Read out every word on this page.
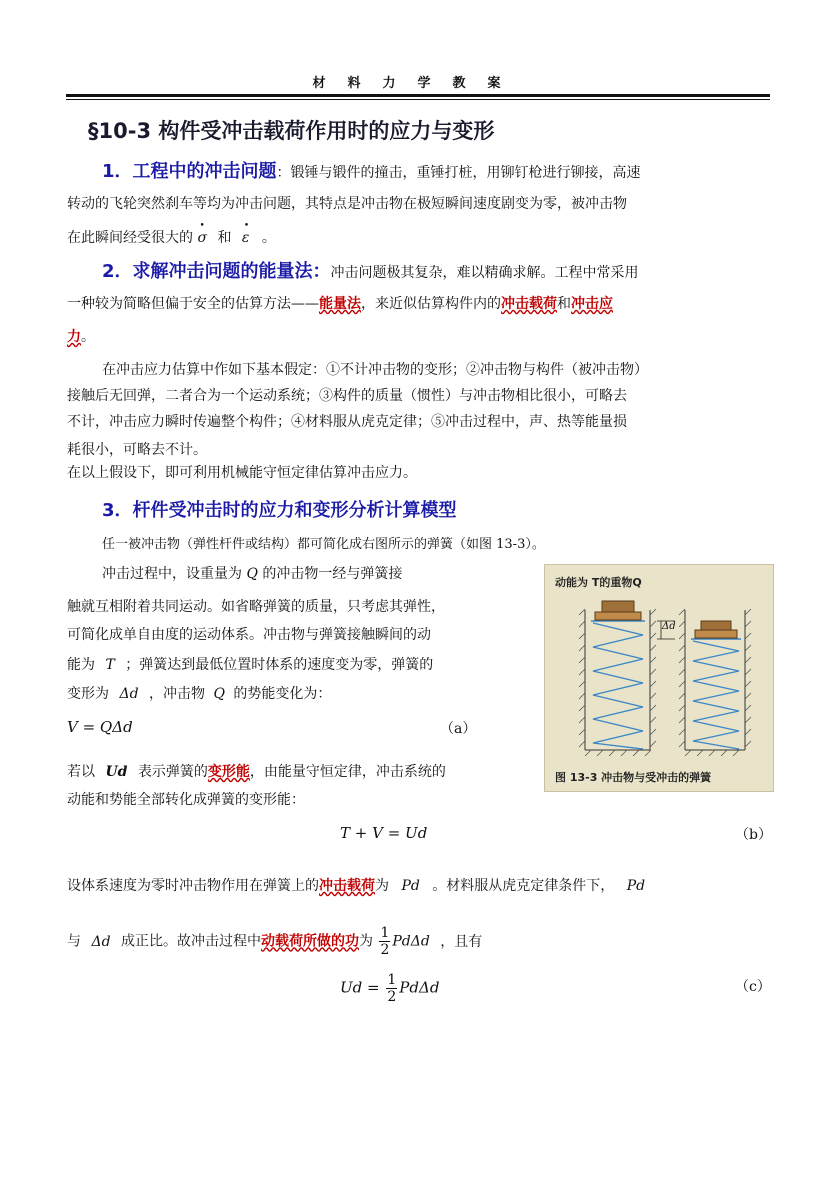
材料力学教案
§10-3 构件受冲击载荷作用时的应力与变形
1．工程中的冲击问题：锻锤与锻件的撞击，重锤打桩，用铆钉枪进行铆接，高速
转动的飞轮突然刹车等均为冲击问题，其特点是冲击物在极短瞬间速度剧变为零，被冲击物
在此瞬间经受很大的 • σ 和 • ε 。
2．求解冲击问题的能量法：冲击问题极其复杂，难以精确求解。工程中常采用
一种较为简略但偏于安全的估算方法——能量法，来近似估算构件内的冲击载荷和冲击应
力。
在冲击应力估算中作如下基本假定：①不计冲击物的变形；②冲击物与构件（被冲击物）
接触后无回弹，二者合为一个运动系统；③构件的质量（惯性）与冲击物相比很小，可略去
不计，冲击应力瞬时传遍整个构件；④材料服从虎克定律；⑤冲击过程中，声、热等能量损
耗很小，可略去不计。
在以上假设下，即可利用机械能守恒定律估算冲击应力。
3．杆件受冲击时的应力和变形分析计算模型
任一被冲击物（弹性杆件或结构）都可简化成右图所示的弹簧（如图 13-3）。
冲击过程中，设重量为 Q 的冲击物一经与弹簧接
触就互相附着共同运动。如省略弹簧的质量，只考虑其弹性，
可简化成单自由度的运动体系。冲击物与弹簧接触瞬间的动
能为 T ；弹簧达到最低位置时体系的速度变为零，弹簧的
变形为 Δd ，冲击物 Q 的势能变化为：
V = QΔd	（a）
若以 Ud 表示弹簧的变形能，由能量守恒定律，冲击系统的
动能和势能全部转化成弹簧的变形能：
T + V = Ud	（b）
设体系速度为零时冲击物作用在弹簧上的冲击载荷为 Pd 。材料服从虎克定律条件下， Pd
与 Δd 成正比。故冲击过程中动载荷所做的功为 $\frac{1}{2}$ PdΔd ，且有
$Ud = \frac{1}{2}$ PdΔd	（c）
动能为 T的重物Q
Δd
图 13-3 冲击物与受冲击的弹簧
